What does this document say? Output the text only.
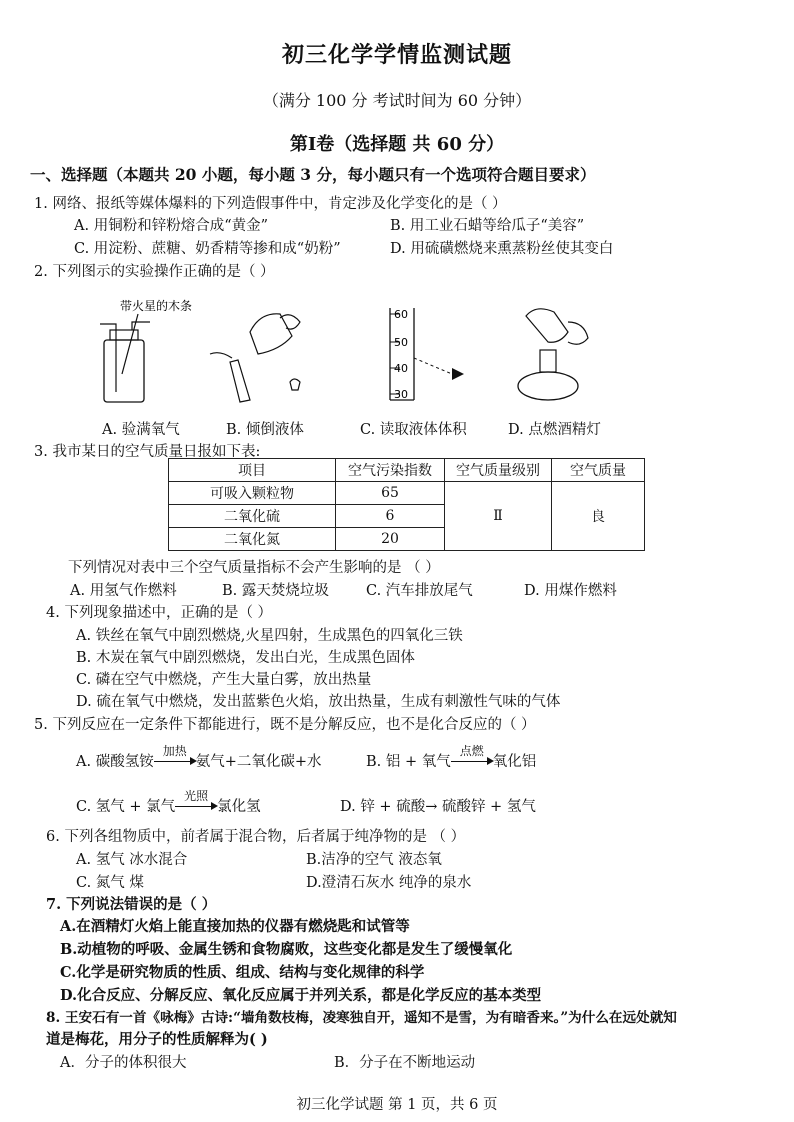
初三化学学情监测试题
（满分 100 分 考试时间为 60 分钟）
第Ⅰ卷（选择题 共 60 分）
一、选择题（本题共 20 小题，每小题 3 分，每小题只有一个选项符合题目要求）
1. 网络、报纸等媒体爆料的下列造假事件中，肯定涉及化学变化的是（ ）
A. 用铜粉和锌粉熔合成“黄金”	B. 用工业石蜡等给瓜子“美容”
C. 用淀粉、蔗糖、奶香精等掺和成“奶粉”	D. 用硫磺燃烧来熏蒸粉丝使其变白
2. 下列图示的实验操作正确的是（ ）
带火星的木条
60
50
40
30
A. 验满氧气	B. 倾倒液体	C. 读取液体体积	D. 点燃酒精灯
3. 我市某日的空气质量日报如下表:
项目	空气污染指数	空气质量级别	空气质量
可吸入颗粒物	65	Ⅱ	良
二氧化硫	6		
二氧化氮	20		
下列情况对表中三个空气质量指标不会产生影响的是 （ ）
A. 用氢气作燃料	B. 露天焚烧垃圾	C. 汽车排放尾气	D. 用煤作燃料
4. 下列现象描述中，正确的是（ ）
A. 铁丝在氧气中剧烈燃烧,火星四射，生成黑色的四氧化三铁
B. 木炭在氧气中剧烈燃烧，发出白光，生成黑色固体
C. 磷在空气中燃烧，产生大量白雾，放出热量
D. 硫在氧气中燃烧，发出蓝紫色火焰，放出热量，生成有刺激性气味的气体
5. 下列反应在一定条件下都能进行，既不是分解反应，也不是化合反应的（ ）
A. 碳酸氢铵
加热
氨气+二氧化碳+水	B. 铝 + 氧气
点燃
氧化铝
C. 氢气 + 氯气
光照
氯化氢	D. 锌 + 硫酸→ 硫酸锌 + 氢气
6. 下列各组物质中，前者属于混合物，后者属于纯净物的是 （ ）
A. 氢气 冰水混合	B.洁净的空气 液态氧
C. 氮气 煤	D.澄清石灰水 纯净的泉水
7. 下列说法错误的是（ ）
A.在酒精灯火焰上能直接加热的仪器有燃烧匙和试管等
B.动植物的呼吸、金属生锈和食物腐败，这些变化都是发生了缓慢氧化
C.化学是研究物质的性质、组成、结构与变化规律的科学
D.化合反应、分解反应、氧化反应属于并列关系，都是化学反应的基本类型
8. 王安石有一首《咏梅》古诗:“墙角数枝梅，凌寒独自开，遥知不是雪，为有暗香来。”为什么在远处就知
道是梅花，用分子的性质解释为( )
A．分子的体积很大	B．分子在不断地运动
初三化学试题 第 1 页，共 6 页
